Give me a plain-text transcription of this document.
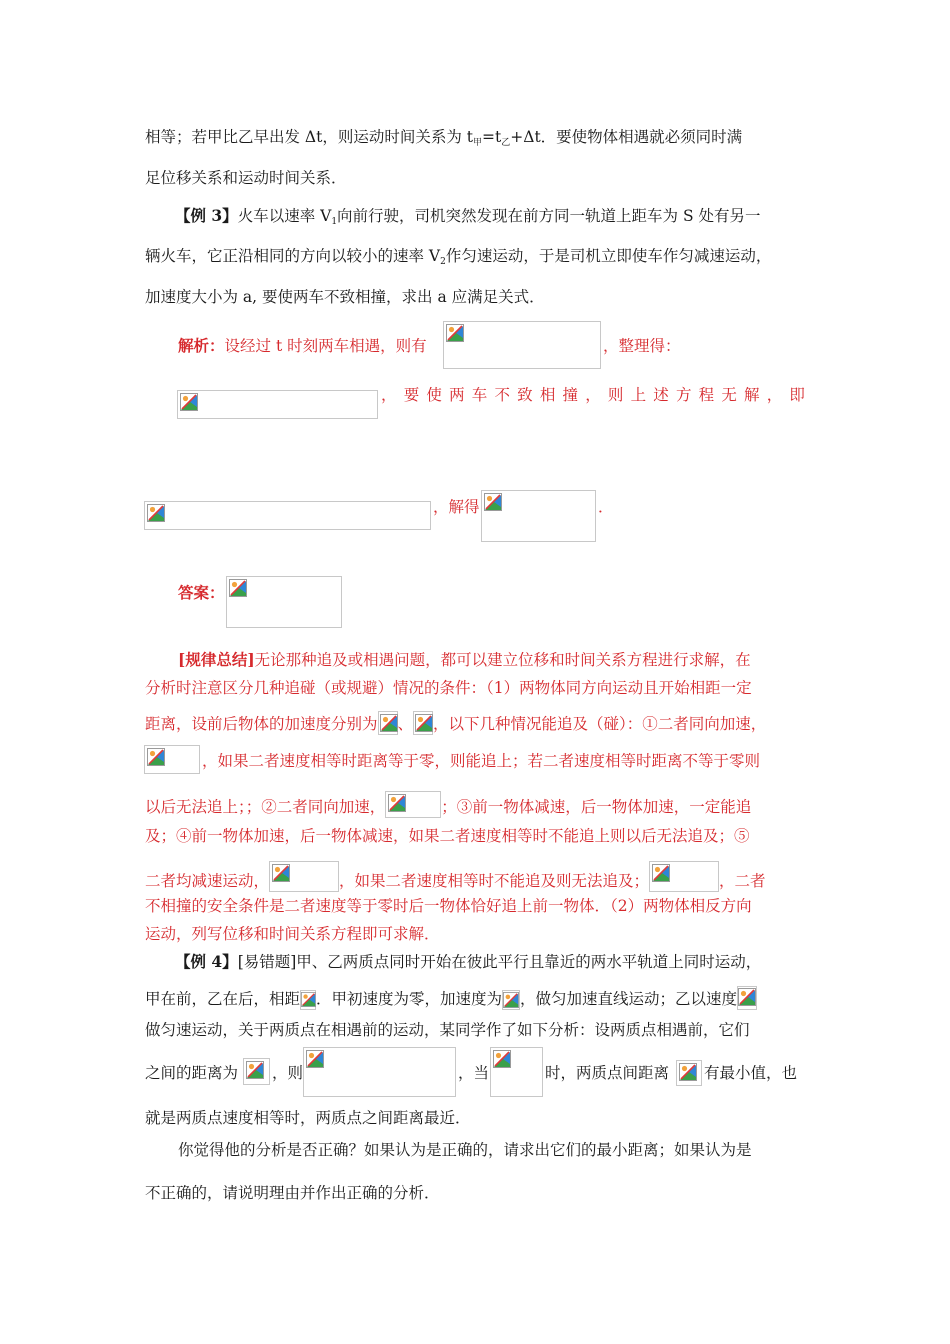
相等；若甲比乙早出发 Δt，则运动时间关系为 $t_甲=t_乙+\Delta t$．要使物体相遇就必须同时满
足位移关系和运动时间关系．
【例 3】火车以速率 $V_1$向前行驶，司机突然发现在前方同一轨道上距车为 S 处有另一
辆火车，它正沿相同的方向以较小的速率 $V_2$作匀速运动，于是司机立即使车作匀减速运动，
加速度大小为 a, 要使两车不致相撞，求出 a 应满足关式．
解析：设经过 t 时刻两车相遇，则有	，整理得：
， 要 使 两 车 不 致 相 撞 ， 则 上 述 方 程 无 解 ， 即
，解得	．
答案：
[规律总结]无论那种追及或相遇问题，都可以建立位移和时间关系方程进行求解，在
分析时注意区分几种追碰（或规避）情况的条件：（1）两物体同方向运动且开始相距一定
距离，设前后物体的加速度分别为 、 ，以下几种情况能追及（碰）：①二者同向加速，
，如果二者速度相等时距离等于零，则能追上；若二者速度相等时距离不等于零则
以后无法追上；；②二者同向加速，	；③前一物体减速，后一物体加速，一定能追
及；④前一物体加速，后一物体减速，如果二者速度相等时不能追上则以后无法追及；⑤
二者均减速运动，	，如果二者速度相等时不能追及则无法追及；	，二者
不相撞的安全条件是二者速度等于零时后一物体恰好追上前一物体．（2）两物体相反方向
运动，列写位移和时间关系方程即可求解．
【例 4】[易错题]甲、乙两质点同时开始在彼此平行且靠近的两水平轨道上同时运动，
甲在前，乙在后，相距 ．甲初速度为零，加速度为 ，做匀加速直线运动；乙以速度
做匀速运动，关于两质点在相遇前的运动，某同学作了如下分析：设两质点相遇前，它们
之间的距离为 ，则	，当	时，两质点间距离 有最小值，也
就是两质点速度相等时，两质点之间距离最近．
你觉得他的分析是否正确？如果认为是正确的，请求出它们的最小距离；如果认为是
不正确的，请说明理由并作出正确的分析．
